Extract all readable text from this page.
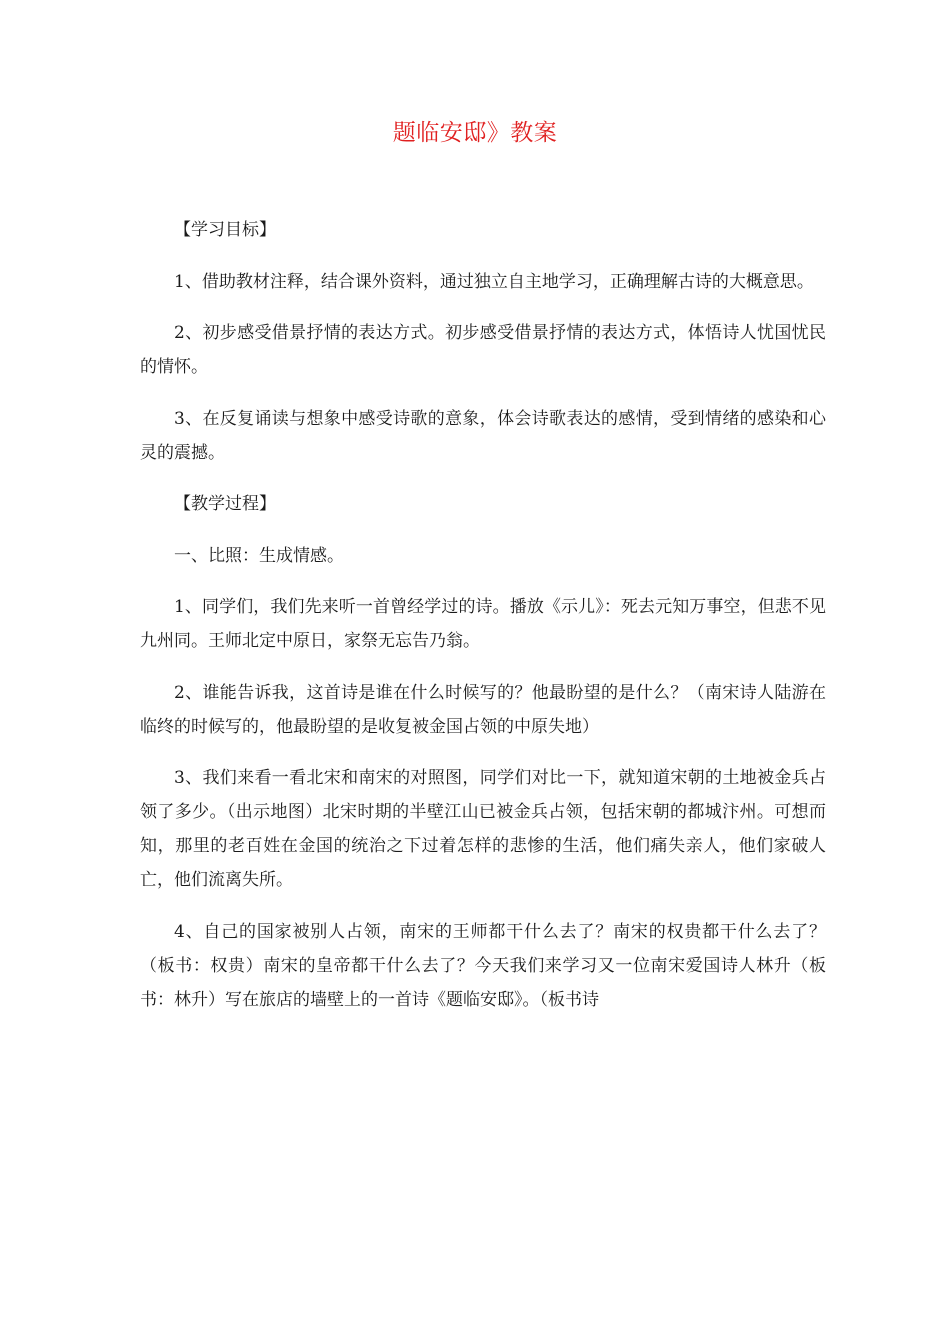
题临安邸》教案

【学习目标】

1、借助教材注释，结合课外资料，通过独立自主地学习，正确理解古诗的大概意思。

2、初步感受借景抒情的表达方式。初步感受借景抒情的表达方式，体悟诗人忧国忧民的情怀。

3、在反复诵读与想象中感受诗歌的意象，体会诗歌表达的感情，受到情绪的感染和心灵的震撼。

【教学过程】

一、比照：生成情感。

1、同学们，我们先来听一首曾经学过的诗。播放《示儿》：死去元知万事空，但悲不见九州同。王师北定中原日，家祭无忘告乃翁。

2、谁能告诉我，这首诗是谁在什么时候写的？他最盼望的是什么？（南宋诗人陆游在临终的时候写的，他最盼望的是收复被金国占领的中原失地）

3、我们来看一看北宋和南宋的对照图，同学们对比一下，就知道宋朝的土地被金兵占领了多少。（出示地图）北宋时期的半壁江山已被金兵占领，包括宋朝的都城汴州。可想而知，那里的老百姓在金国的统治之下过着怎样的悲惨的生活，他们痛失亲人，他们家破人亡，他们流离失所。

4、自己的国家被别人占领，南宋的王师都干什么去了？南宋的权贵都干什么去了？（板书：权贵）南宋的皇帝都干什么去了？今天我们来学习又一位南宋爱国诗人林升（板书：林升）写在旅店的墙壁上的一首诗《题临安邸》。（板书诗
